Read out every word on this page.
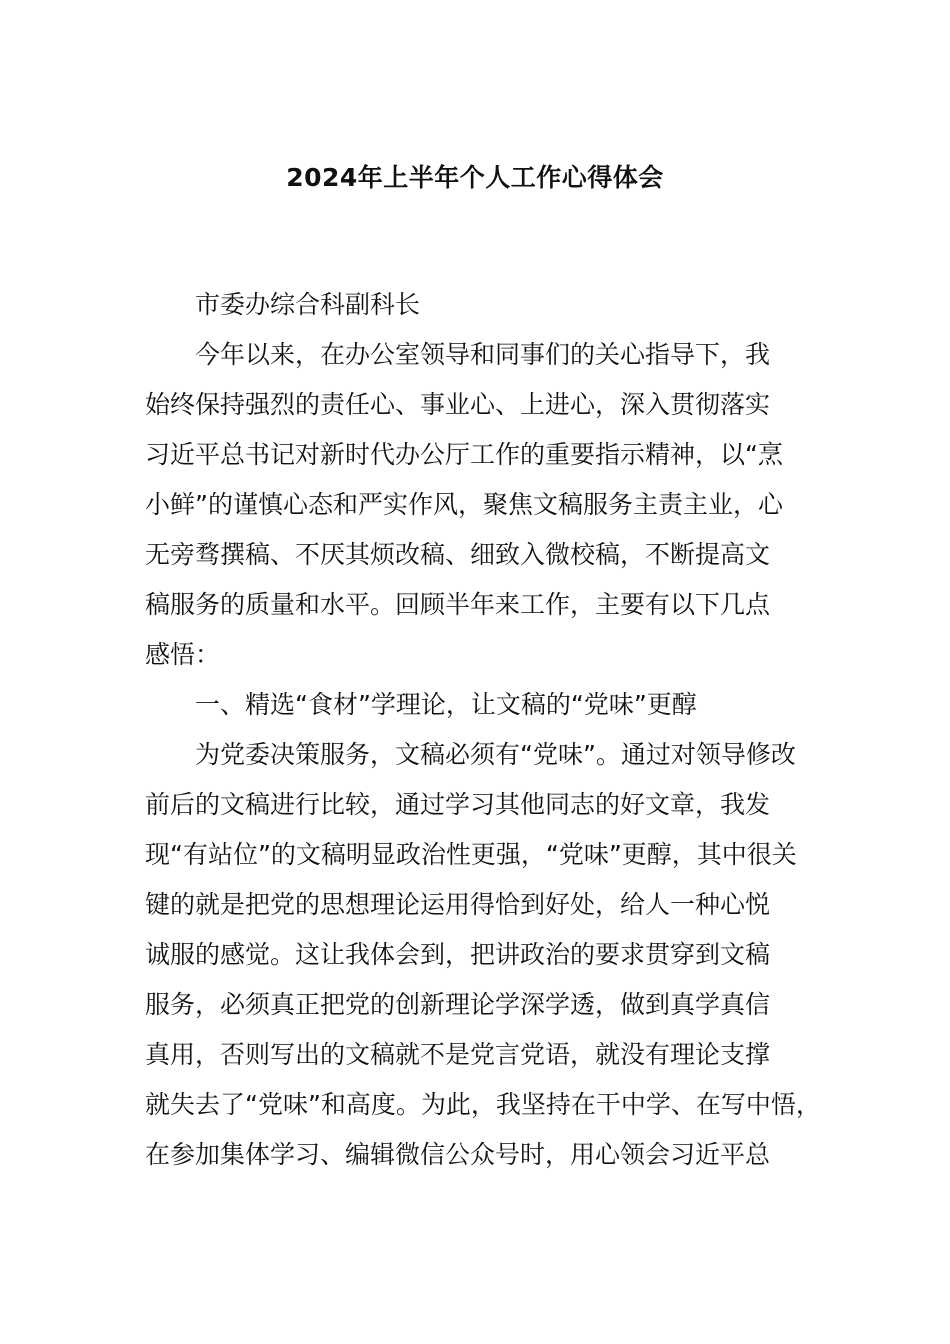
2024年上半年个人工作心得体会
市委办综合科副科长
今年以来，在办公室领导和同事们的关心指导下，我
始终保持强烈的责任心、事业心、上进心，深入贯彻落实
习近平总书记对新时代办公厅工作的重要指示精神，以“烹
小鲜”的谨慎心态和严实作风，聚焦文稿服务主责主业，心
无旁骛撰稿、不厌其烦改稿、细致入微校稿，不断提高文
稿服务的质量和水平。回顾半年来工作，主要有以下几点
感悟：
一、精选“食材”学理论，让文稿的“党味”更醇
为党委决策服务，文稿必须有“党味”。通过对领导修改
前后的文稿进行比较，通过学习其他同志的好文章，我发
现“有站位”的文稿明显政治性更强，“党味”更醇，其中很关
键的就是把党的思想理论运用得恰到好处，给人一种心悦
诚服的感觉。这让我体会到，把讲政治的要求贯穿到文稿
服务，必须真正把党的创新理论学深学透，做到真学真信
真用，否则写出的文稿就不是党言党语，就没有理论支撑
就失去了“党味”和高度。为此，我坚持在干中学、在写中悟，
在参加集体学习、编辑微信公众号时，用心领会习近平总
